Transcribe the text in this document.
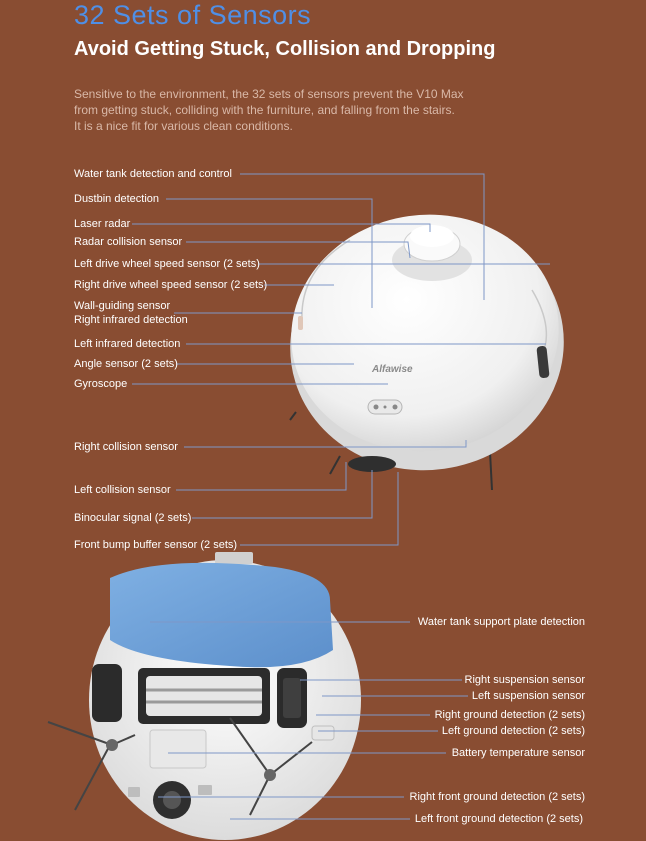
32 Sets of Sensors
Avoid Getting Stuck, Collision and Dropping

Sensitive to the environment, the 32 sets of sensors prevent the V10 Max
from getting stuck, colliding with the furniture, and falling from the stairs.
It is a nice fit for various clean conditions.

Alfawise
Water tank detection and control
Dustbin detection
Laser radar
Radar collision sensor
Left drive wheel speed sensor (2 sets)
Right drive wheel speed sensor (2 sets)
Wall-guiding sensor
Right infrared detection
Left infrared detection
Angle sensor (2 sets)
Gyroscope
Right collision sensor
Left collision sensor
Binocular signal (2 sets)
Front bump buffer sensor (2 sets)
Water tank support plate detection
Right suspension sensor
Left suspension sensor
Right ground detection (2 sets)
Left ground detection (2 sets)
Battery temperature sensor
Right front ground detection (2 sets)
Left front ground detection (2 sets)
